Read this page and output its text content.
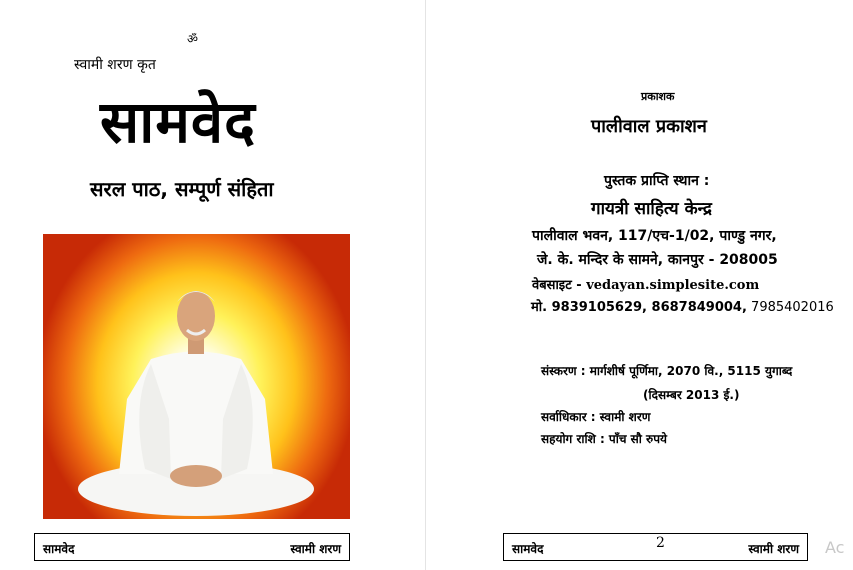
ॐ
स्वामी शरण कृत
सामवेद
सरल पाठ, सम्पूर्ण संहिता
सामवेद	स्वामी शरण
प्रकाशक
पालीवाल प्रकाशन
पुस्तक प्राप्ति स्थान :
गायत्री साहित्य केन्द्र
पालीवाल भवन, 117/एच-1/02, पाण्डु नगर,
जे. के. मन्दिर के सामने, कानपुर - 208005
वेबसाइट - vedayan.simplesite.com
मो. 9839105629, 8687849004, 7985402016
संस्करण : मार्गशीर्ष पूर्णिमा, 2070 वि., 5115 युगाब्द
(दिसम्बर 2013 ई.)
सर्वाधिकार : स्वामी शरण
सहयोग राशि : पाँच सौ रुपये
सामवेद	स्वामी शरण
2	Ac
